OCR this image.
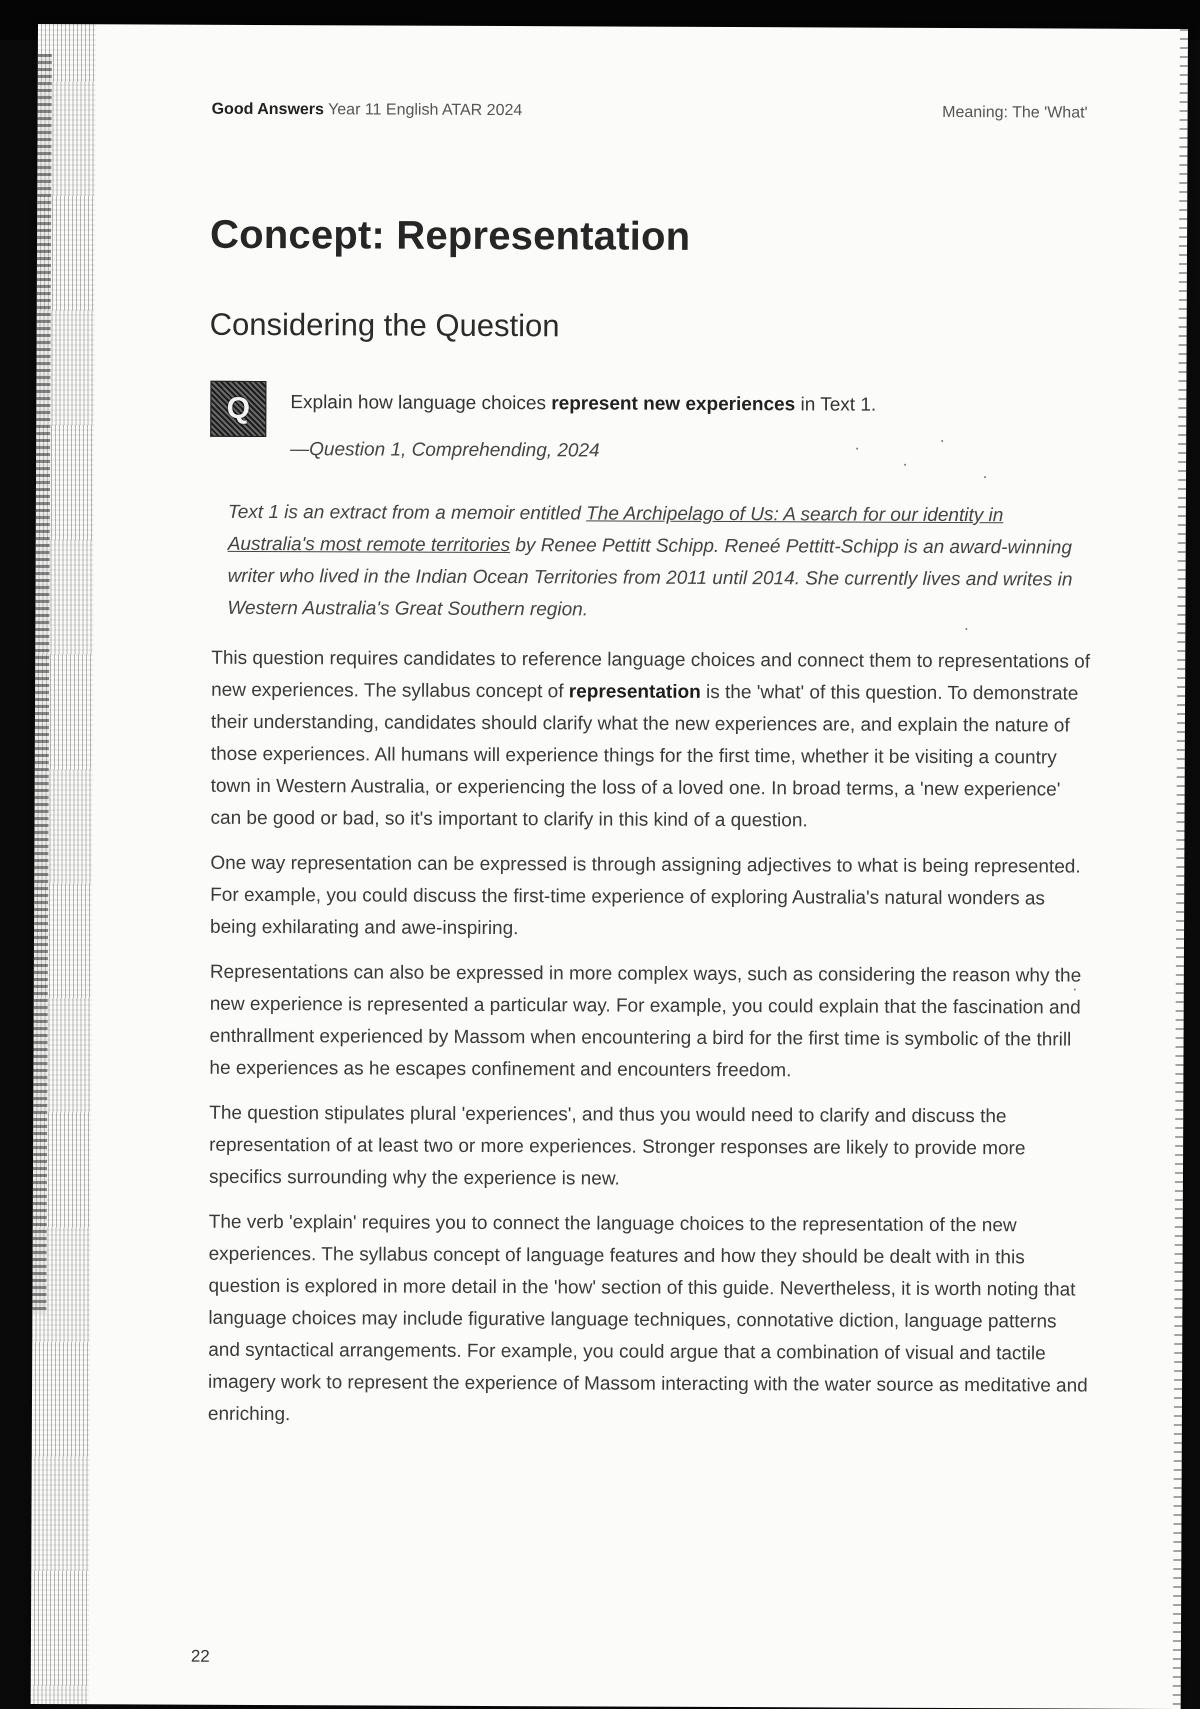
Good Answers Year 11 English ATAR 2024	Meaning: The 'What'
Concept: Representation
Considering the Question
Q	Explain how language choices represent new experiences in Text 1.
—Question 1, Comprehending, 2024

Text 1 is an extract from a memoir entitled The Archipelago of Us: A search for our identity in Australia's most remote territories by Renee Pettitt Schipp. Reneé Pettitt-Schipp is an award-winning writer who lived in the Indian Ocean Territories from 2011 until 2014. She currently lives and writes in Western Australia's Great Southern region.

This question requires candidates to reference language choices and connect them to representations of new experiences. The syllabus concept of representation is the 'what' of this question. To demonstrate their understanding, candidates should clarify what the new experiences are, and explain the nature of those experiences. All humans will experience things for the first time, whether it be visiting a country town in Western Australia, or experiencing the loss of a loved one. In broad terms, a 'new experience' can be good or bad, so it's important to clarify in this kind of a question.

One way representation can be expressed is through assigning adjectives to what is being represented. For example, you could discuss the first-time experience of exploring Australia's natural wonders as being exhilarating and awe-inspiring.

Representations can also be expressed in more complex ways, such as considering the reason why the new experience is represented a particular way. For example, you could explain that the fascination and enthrallment experienced by Massom when encountering a bird for the first time is symbolic of the thrill he experiences as he escapes confinement and encounters freedom.

The question stipulates plural 'experiences', and thus you would need to clarify and discuss the representation of at least two or more experiences. Stronger responses are likely to provide more specifics surrounding why the experience is new.

The verb 'explain' requires you to connect the language choices to the representation of the new experiences. The syllabus concept of language features and how they should be dealt with in this question is explored in more detail in the 'how' section of this guide. Nevertheless, it is worth noting that language choices may include figurative language techniques, connotative diction, language patterns and syntactical arrangements. For example, you could argue that a combination of visual and tactile imagery work to represent the experience of Massom interacting with the water source as meditative and enriching.

22
